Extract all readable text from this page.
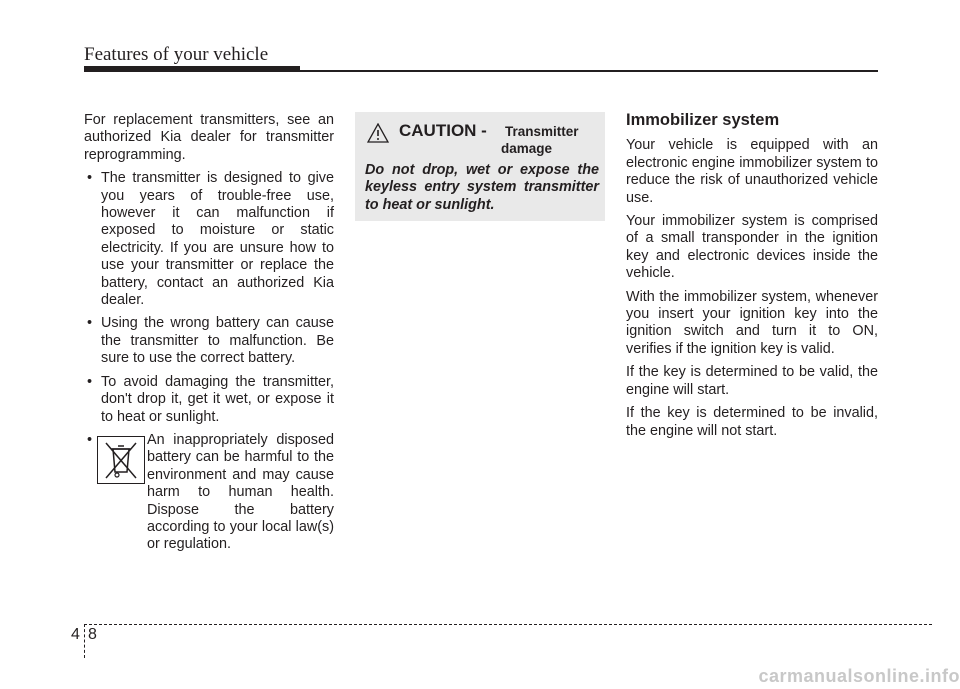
Features of your vehicle

For replacement transmitters, see an authorized Kia dealer for transmitter reprogramming.

• The transmitter is designed to give you years of trouble-free use, however it can malfunction if exposed to moisture or static electricity. If you are unsure how to use your transmitter or replace the battery, contact an authorized Kia dealer.
• Using the wrong battery can cause the transmitter to malfunction. Be sure to use the correct battery.
• To avoid damaging the transmitter, don't drop it, get it wet, or expose it to heat or sunlight.
•	An inappropriately disposed battery can be harmful to the environment and may cause harm to human health. Dispose the battery according to your local law(s) or regulation.
CAUTION - Transmitter
damage
Do not drop, wet or expose the keyless entry system transmitter to heat or sunlight.
Immobilizer system

Your vehicle is equipped with an electronic engine immobilizer system to reduce the risk of unauthorized vehicle use.

Your immobilizer system is comprised of a small transponder in the ignition key and electronic devices inside the vehicle.

With the immobilizer system, whenever you insert your ignition key into the ignition switch and turn it to ON, verifies if the ignition key is valid.

If the key is determined to be valid, the engine will start.

If the key is determined to be invalid, the engine will not start.

4 8
carmanualsonline.info
